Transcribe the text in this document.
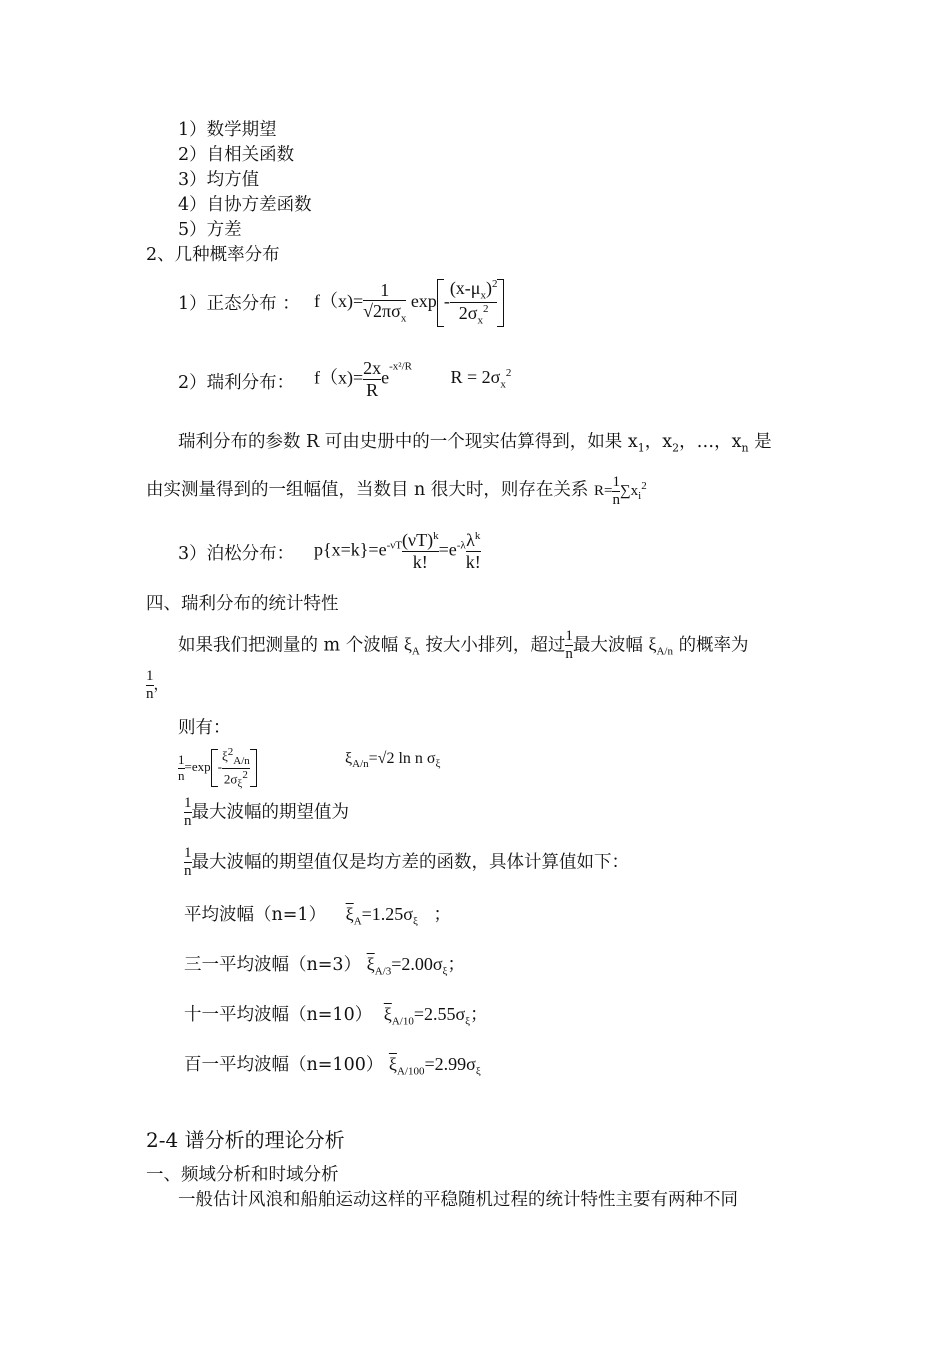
1）数学期望
2）自相关函数
3）均方值
4）自协方差函数
5）方差
2、几种概率分布
1）正态分布 ： $f(x)= \frac{1}{√2\pi\sigma_x}$ exp - $\frac{(x-\mu_x)^2}{2\sigma_x^2}$
2）瑞利分布： $f(x)= \frac{2x}{R} e^{-x^2/R}$ $R = 2\sigma_x^2$
瑞利分布的参数 R 可由史册中的一个现实估算得到，如果 $x_1$，$x_2$，…，$x_n$ 是
由实测量得到的一组幅值，当数目 n 很大时，则存在关系 $R= \frac{1}{n} \sum x_i^2$
3）泊松分布： $p\{x=k\}=e^{-\nu T} \frac{(\nu T)^k}{k!} =e^{-\lambda} \frac{\lambda^k}{k!}$
四、瑞利分布的统计特性
如果我们把测量的 m 个波幅 $\xi_A$ 按大小排列，超过 $\frac{1}{n}$ 最大波幅 $\xi_{A/n}$ 的概率为
$\frac{1}{n}$ ，
则有：
$\frac{1}{n} =\exp - \frac{\xi^2_{A/n}}{2\sigma_\xi^2}$	$\xi_{A/n}=√2$ ln n $\sigma_\xi$
$\frac{1}{n}$ 最大波幅的期望值为
$\frac{1}{n}$ 最大波幅的期望值仅是均方差的函数，具体计算值如下：
平均波幅（n=1） $\overline{\xi}_A=1.25\sigma_\xi$ ；
三一平均波幅（n=3） $\overline{\xi}_{A/3}=2.00\sigma_\xi$；
十一平均波幅（n=10） $\overline{\xi}_{A/10}=2.55\sigma_\xi$；
百一平均波幅（n=100） $\overline{\xi}_{A/100}=2.99\sigma_\xi$
2-4 谱分析的理论分析
一、频域分析和时域分析
一般估计风浪和船舶运动这样的平稳随机过程的统计特性主要有两种不同
